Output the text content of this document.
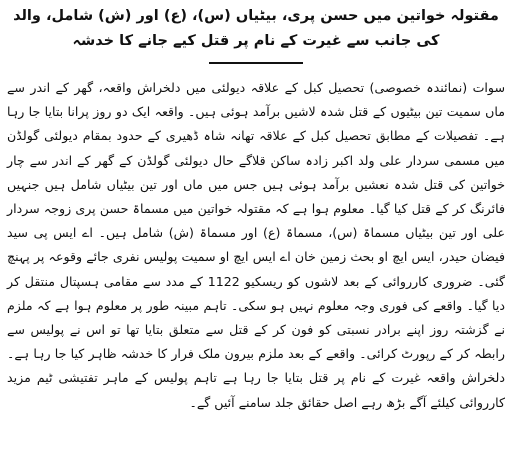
مقتولہ خواتین میں حسن پری، بیٹیاں (س)، (ع) اور (ش) شامل، والد کی جانب سے غیرت کے نام پر قتل کیے جانے کا خدشہ

سوات (نمائندہ خصوصی) تحصیل کبل کے علاقہ دیولئی میں دلخراش واقعہ، گھر کے اندر سے ماں سمیت تین بیٹیوں کے قتل شدہ لاشیں برآمد ہوئی ہیں۔ واقعہ ایک دو روز پرانا بتایا جا رہا ہے۔ تفصیلات کے مطابق تحصیل کبل کے علاقہ تھانہ شاہ ڈھیری کے حدود بمقام دیولئی گولڈن میں مسمی سردار علی ولد اکبر زادہ ساکن قلاگے حال دیولئی گولڈن کے گھر کے اندر سے چار خواتین کی قتل شدہ نعشیں برآمد ہوئی ہیں جس میں ماں اور تین بیٹیاں شامل ہیں جنہیں فائرنگ کر کے قتل کیا گیا۔ معلوم ہوا ہے کہ مقتولہ خواتین میں مسماۃ حسن پری زوجہ سردار علی اور تین بیٹیاں مسماۃ (س)، مسماۃ (ع) اور مسماۃ (ش) شامل ہیں۔ اے ایس پی سید فیضان حیدر، ایس ایچ او بحث زمین خان اے ایس ایچ او سمیت پولیس نفری جائے وقوعہ پر پہنچ گئی۔ ضروری کارروائی کے بعد لاشوں کو ریسکیو 1122 کے مدد سے مقامی ہسپتال منتقل کر دیا گیا۔ واقعے کی فوری وجہ معلوم نہیں ہو سکی۔ تاہم مبینہ طور پر معلوم ہوا ہے کہ ملزم نے گزشتہ روز اپنے برادر نسبتی کو فون کر کے قتل سے متعلق بتایا تھا تو اس نے پولیس سے رابطہ کر کے رپورٹ کرائی۔ واقعے کے بعد ملزم بیرون ملک فرار کا خدشہ ظاہر کیا جا رہا ہے۔ دلخراش واقعہ غیرت کے نام پر قتل بتایا جا رہا ہے تاہم پولیس کے ماہر تفتیشی ٹیم مزید کارروائی کیلئے آگے بڑھ رہے اصل حقائق جلد سامنے آئیں گے۔
